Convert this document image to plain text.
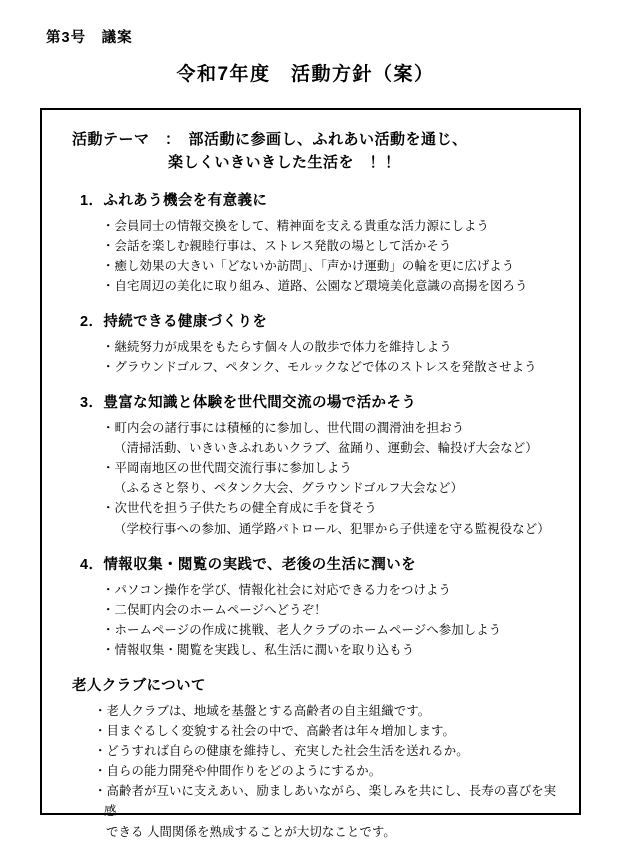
第3号　議案
令和7年度　活動方針（案）
活動テーマ　：　部活動に参画し、ふれあい活動を通じ、
楽しくいきいきした生活を　！！
1．ふれあう機会を有意義に
・会員同士の情報交換をして、精神面を支える貴重な活力源にしよう
・会話を楽しむ親睦行事は、ストレス発散の場として活かそう
・癒し効果の大きい「どないか訪問」、「声かけ運動」の輪を更に広げよう
・自宅周辺の美化に取り組み、道路、公園など環境美化意識の高揚を図ろう
2．持続できる健康づくりを
・継続努力が成果をもたらす個々人の散歩で体力を維持しよう
・グラウンドゴルフ、ペタンク、モルックなどで体のストレスを発散させよう
3．豊富な知識と体験を世代間交流の場で活かそう
・町内会の諸行事には積極的に参加し、世代間の潤滑油を担おう
（清掃活動、いきいきふれあいクラブ、盆踊り、運動会、輪投げ大会など）
・平岡南地区の世代間交流行事に参加しよう
（ふるさと祭り、ペタンク大会、グラウンドゴルフ大会など）
・次世代を担う子供たちの健全育成に手を貸そう
（学校行事への参加、通学路パトロール、犯罪から子供達を守る監視役など）
4．情報収集・閲覧の実践で、老後の生活に潤いを
・パソコン操作を学び、情報化社会に対応できる力をつけよう
・二俣町内会のホームページへどうぞ！
・ホームページの作成に挑戦、老人クラブのホームページへ参加しよう
・情報収集・閲覧を実践し、私生活に潤いを取り込もう
老人クラブについて
・老人クラブは、地域を基盤とする高齢者の自主組織です。
・目まぐるしく変貌する社会の中で、高齢者は年々増加します。
・どうすれば自らの健康を維持し、充実した社会生活を送れるか。
・自らの能力開発や仲間作りをどのようにするか。
・高齢者が互いに支えあい、励ましあいながら、楽しみを共にし、長寿の喜びを実感
できる 人間関係を熟成することが大切なことです。
